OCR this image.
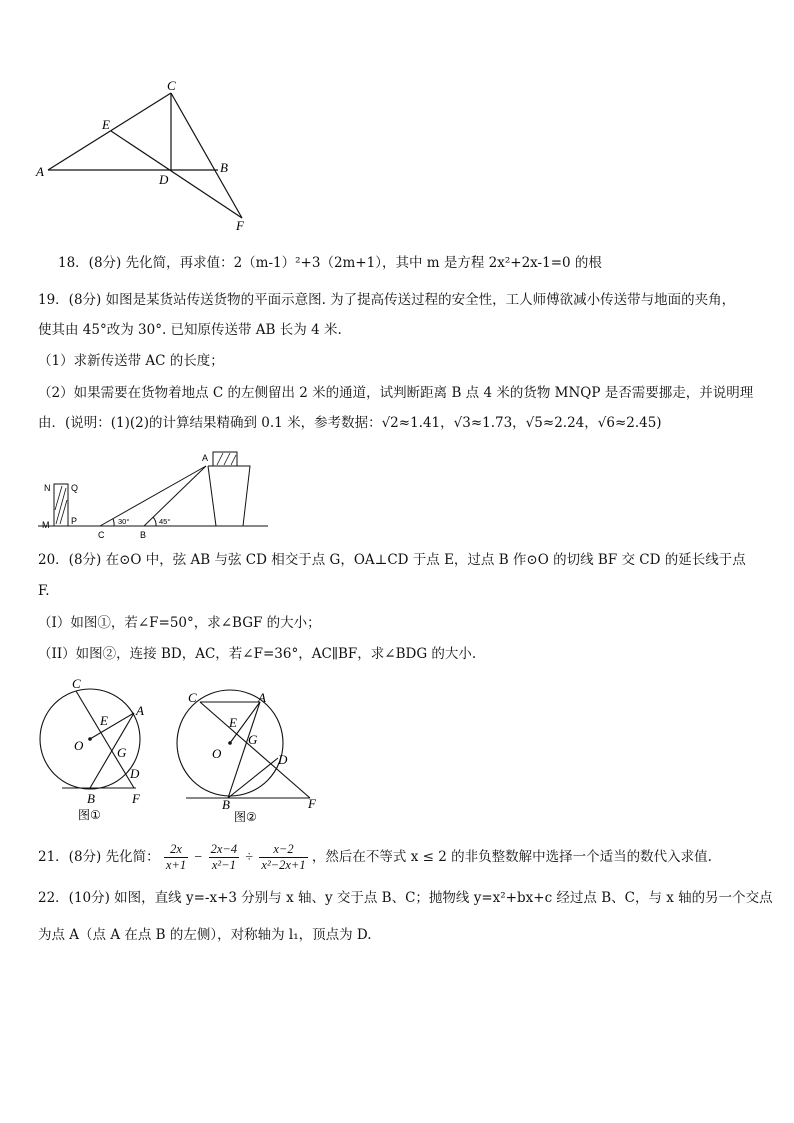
C
E
A
D
B
F
18．(8分) 先化简，再求值：2（m-1）²+3（2m+1），其中 m 是方程 2x²+2x-1=0 的根
19．(8分) 如图是某货站传送货物的平面示意图. 为了提高传送过程的安全性，工人师傅欲减小传送带与地面的夹角，
使其由 45°改为 30°. 已知原传送带 AB 长为 4 米.
（1）求新传送带 AC 的长度；
（2）如果需要在货物着地点 C 的左侧留出 2 米的通道，试判断距离 B 点 4 米的货物 MNQP 是否需要挪走，并说明理
由．(说明：(1)(2)的计算结果精确到 0.1 米，参考数据：√2≈1.41，√3≈1.73，√5≈2.24，√6≈2.45)
N Q
M P
C	B
A
30°	45°
20．(8分) 在⊙O 中，弦 AB 与弦 CD 相交于点 G，OA⊥CD 于点 E，过点 B 作⊙O 的切线 BF 交 CD 的延长线于点
F.
（I）如图①，若∠F=50°，求∠BGF 的大小；
（II）如图②，连接 BD，AC，若∠F=36°，AC∥BF，求∠BDG 的大小.
C
A
E
O	G
D
B	F
图①
C	A
E
G
O	D
B	F
图②
21．(8分) 先化简： $\frac{2x}{x+1} - \frac{2x-4}{\text{x²−1}} \div \frac{x-2}{\text{x²−2x+1}}$ ，然后在不等式 x ≤ 2 的非负整数解中选择一个适当的数代入求值.
22．(10分) 如图，直线 y=-x+3 分别与 x 轴、y 交于点 B、C；抛物线 y=x²+bx+c 经过点 B、C，与 x 轴的另一个交点
为点 A（点 A 在点 B 的左侧），对称轴为 l₁，顶点为 D.
